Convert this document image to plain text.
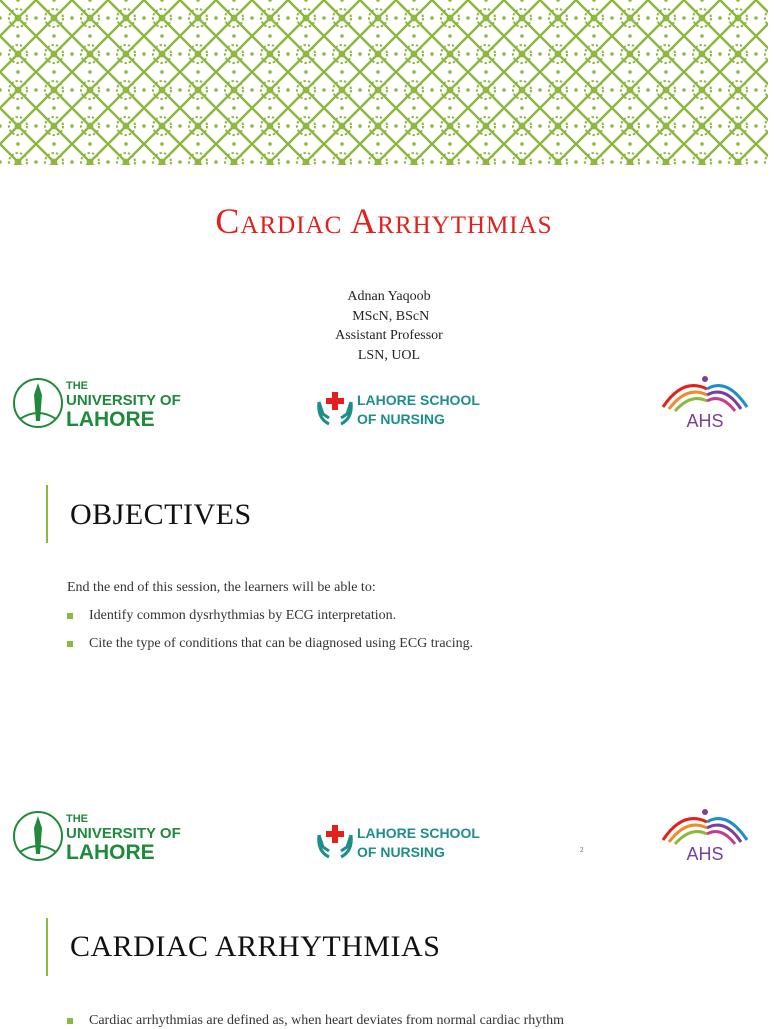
Cardiac Arrhythmias
Adnan Yaqoob
MScN, BScN
Assistant Professor
LSN, UOL
THE
UNIVERSITY OF
LAHORE
LAHORE SCHOOL
OF NURSING	AHS
OBJECTIVES
End the end of this session, the learners will be able to:
Identify common dysrhythmias by ECG interpretation.
Cite the type of conditions that can be diagnosed using ECG tracing.
THE
UNIVERSITY OF
LAHORE
LAHORE SCHOOL
OF NURSING	2	AHS
CARDIAC ARRHYTHMIAS
Cardiac arrhythmias are defined as, when heart deviates from normal cardiac rhythm
